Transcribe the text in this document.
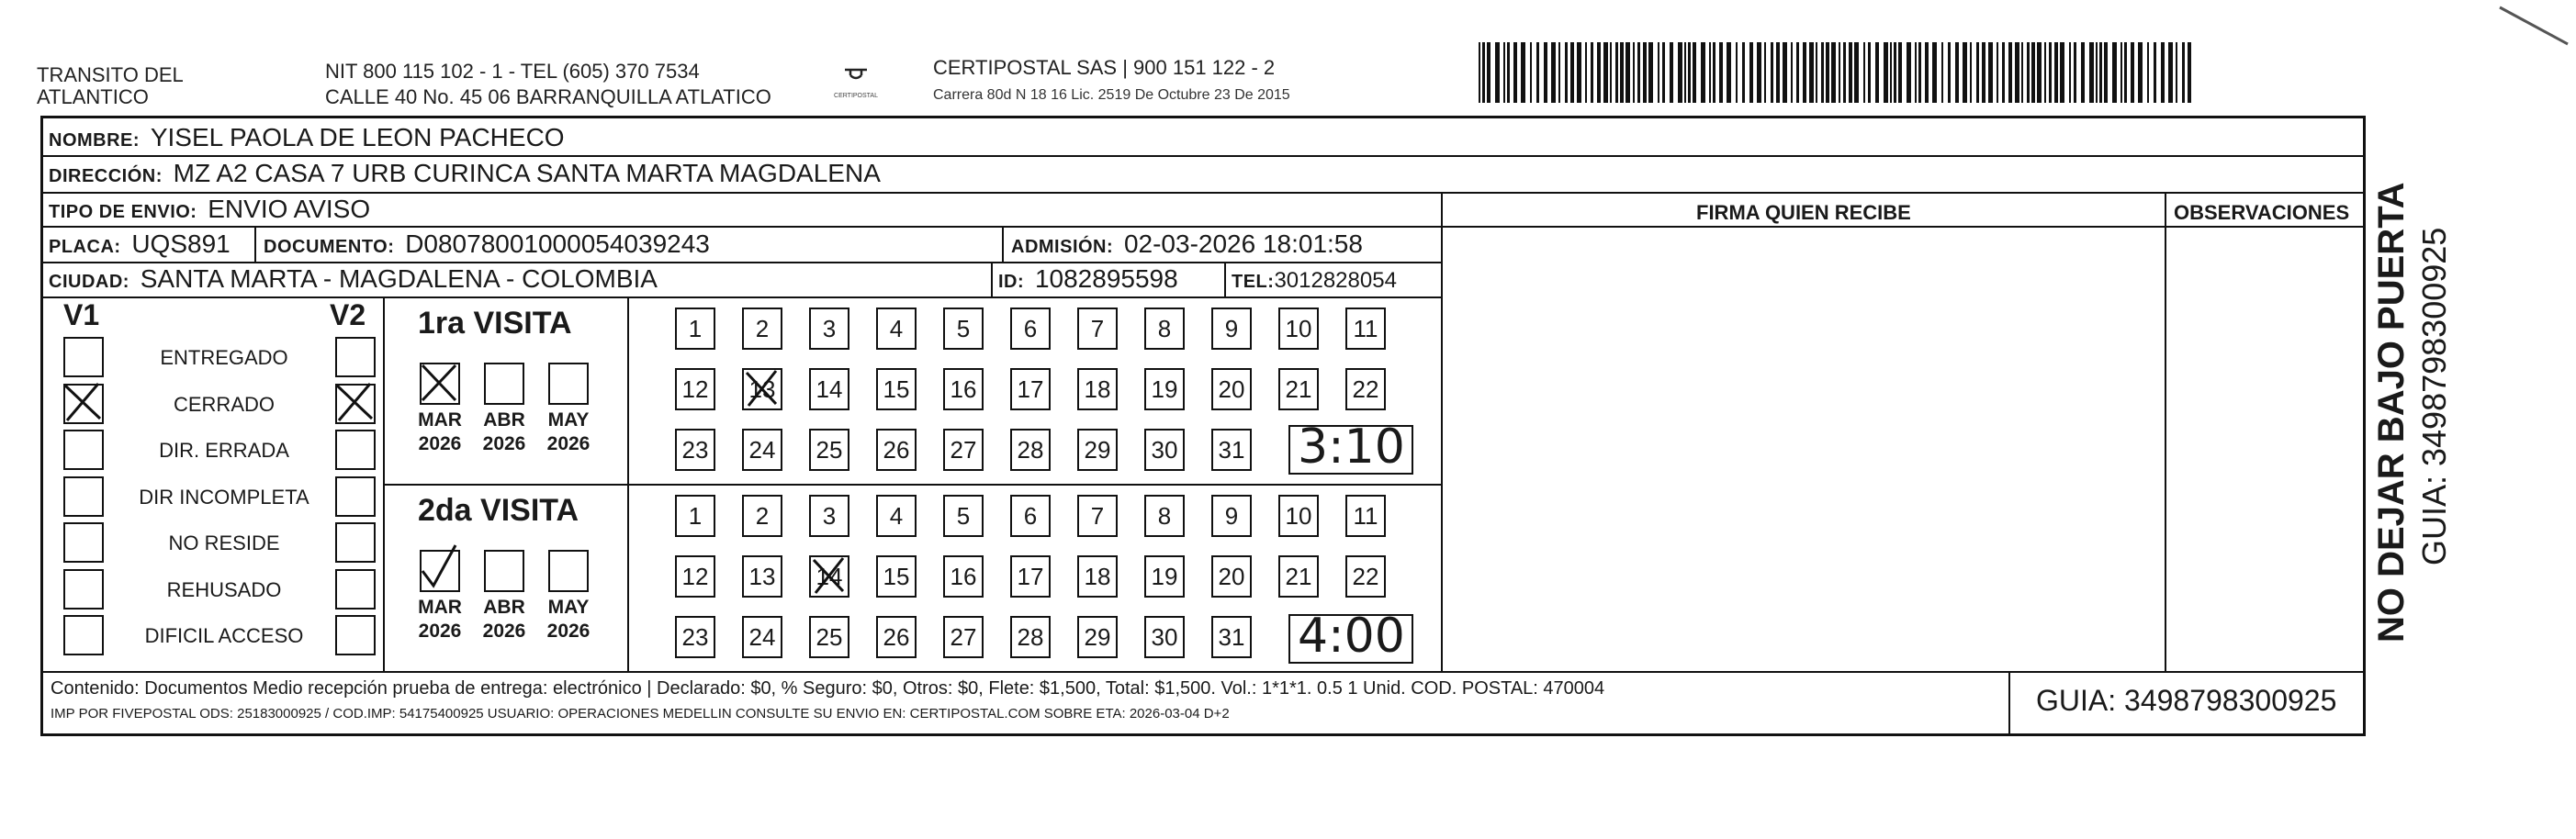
TRANSITO DEL
ATLANTICO
NIT 800 115 102 - 1 - TEL (605) 370 7534
CALLE 40 No. 45 06 BARRANQUILLA ATLATICO	CERTIPOSTAL
CERTIPOSTAL SAS | 900 151 122 - 2
Carrera 80d N 18 16 Lic. 2519 De Octubre 23 De 2015
NOMBRE: YISEL PAOLA DE LEON PACHECO
DIRECCIÓN: MZ A2 CASA 7 URB CURINCA SANTA MARTA MAGDALENA
TIPO DE ENVIO: ENVIO AVISO	FIRMA QUIEN RECIBE	OBSERVACIONES
PLACA: UQS891 DOCUMENTO: D08078001000054039243	ADMISIÓN: 02-03-2026 18:01:58
CIUDAD: SANTA MARTA - MAGDALENA - COLOMBIA	ID: 1082895598	TEL:3012828054
V1	V2 1ra VISITA
2da VISITA
3:10
4:00
Contenido: Documentos Medio recepción prueba de entrega: electrónico | Declarado: $0, % Seguro: $0, Otros: $0, Flete: $1,500, Total: $1,500. Vol.: 1*1*1. 0.5 1 Unid. COD. POSTAL: 470004
IMP POR FIVEPOSTAL ODS: 25183000925 / COD.IMP: 54175400925 USUARIO: OPERACIONES MEDELLIN CONSULTE SU ENVIO EN: CERTIPOSTAL.COM SOBRE ETA: 2026-03-04 D+2	GUIA: 3498798300925
ENTREGADO
CERRADO
DIR. ERRADA
DIR INCOMPLETA
NO RESIDE
REHUSADO
DIFICIL ACCESO
MAR
2026
ABR
2026
MAY
2026
1	2	3	4	5	6	7	8	9	10	11
12 13 14 15 16 17 18 19 20 21 22
23 24 25 26 27 28 29 30 31
MAR
2026
ABR
2026
MAY
2026
1	2	3	4	5	6	7	8	9	10	11
12 13 14 15 16 17 18 19 20 21 22
23 24 25 26 27 28 29 30 31	NO DEJAR BAJO PUERTA GUIA: 3498798300925
